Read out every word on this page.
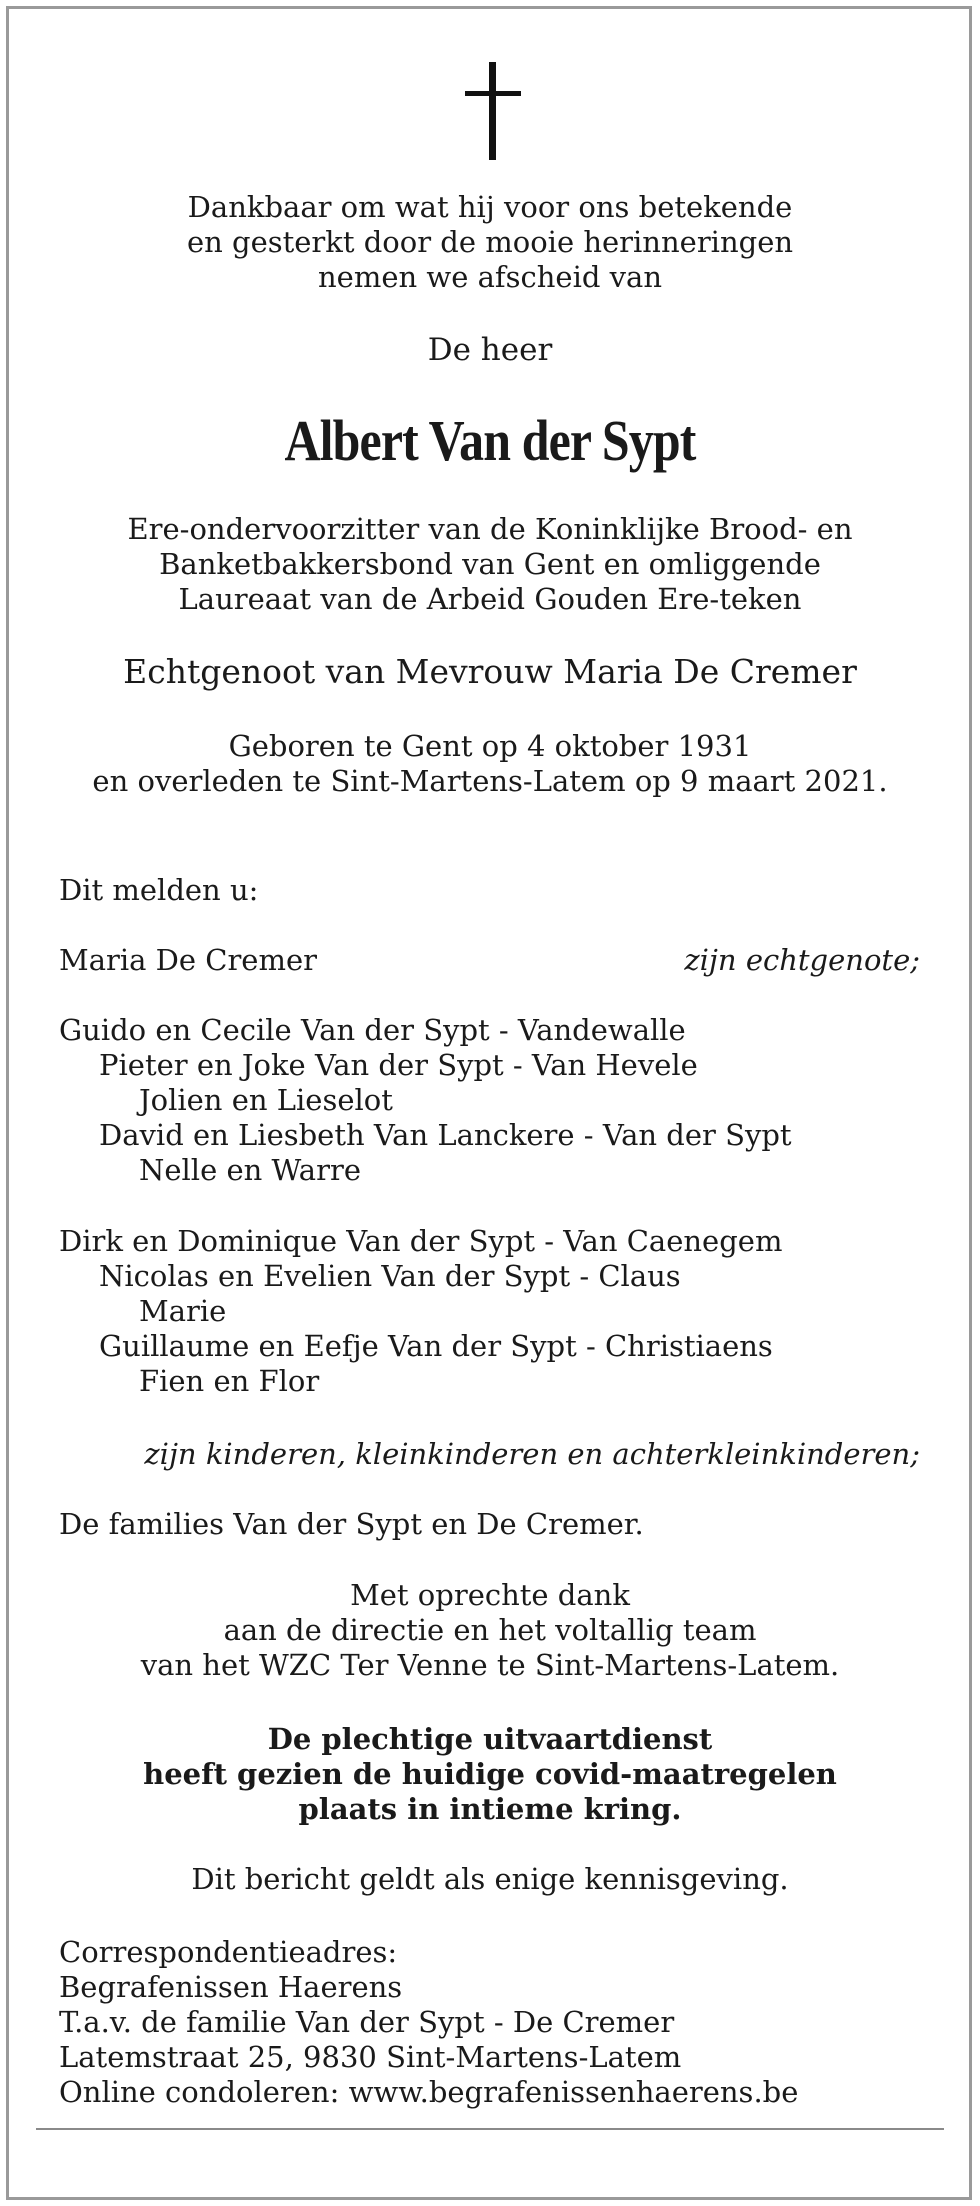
Dankbaar om wat hij voor ons betekende
en gesterkt door de mooie herinneringen
nemen we afscheid van
De heer
Albert Van der Sypt
Ere-ondervoorzitter van de Koninklijke Brood- en
Banketbakkersbond van Gent en omliggende
Laureaat van de Arbeid Gouden Ere-teken
Echtgenoot van Mevrouw Maria De Cremer
Geboren te Gent op 4 oktober 1931
en overleden te Sint-Martens-Latem op 9 maart 2021.
Dit melden u:
Maria De Cremer	zijn echtgenote;
Guido en Cecile Van der Sypt - Vandewalle
Pieter en Joke Van der Sypt - Van Hevele
Jolien en Lieselot
David en Liesbeth Van Lanckere - Van der Sypt
Nelle en Warre
Dirk en Dominique Van der Sypt - Van Caenegem
Nicolas en Evelien Van der Sypt - Claus
Marie
Guillaume en Eefje Van der Sypt - Christiaens
Fien en Flor
zijn kinderen, kleinkinderen en achterkleinkinderen;
De families Van der Sypt en De Cremer.
Met oprechte dank
aan de directie en het voltallig team
van het WZC Ter Venne te Sint-Martens-Latem.
De plechtige uitvaartdienst
heeft gezien de huidige covid-maatregelen
plaats in intieme kring.
Dit bericht geldt als enige kennisgeving.
Correspondentieadres:
Begrafenissen Haerens
T.a.v. de familie Van der Sypt - De Cremer
Latemstraat 25, 9830 Sint-Martens-Latem
Online condoleren: www.begrafenissenhaerens.be
